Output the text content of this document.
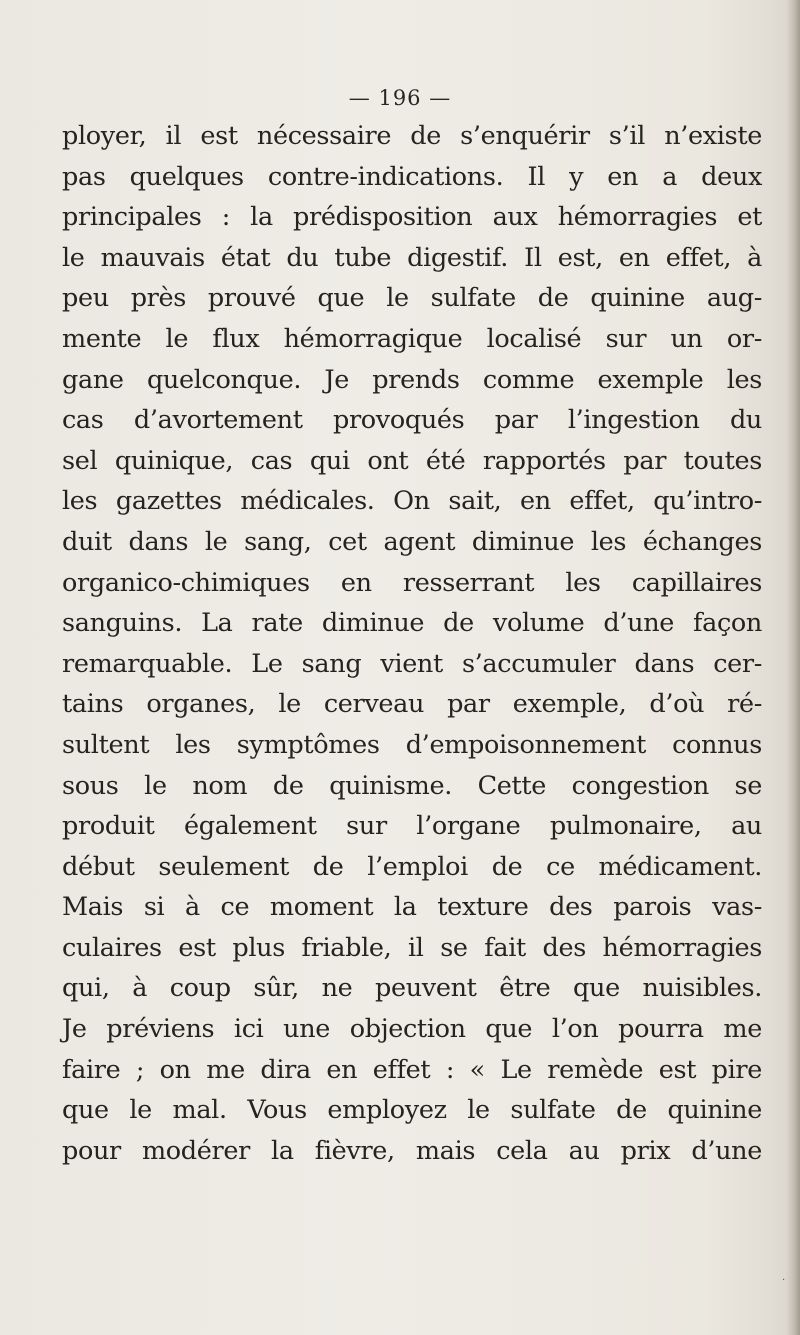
— 196 —
ployer, il est nécessaire de s’enquérir s’il n’existe
pas quelques contre-indications. Il y en a deux
principales : la prédisposition aux hémorragies et
le mauvais état du tube digestif. Il est, en effet, à
peu près prouvé que le sulfate de quinine aug-
mente le flux hémorragique localisé sur un or-
gane quelconque. Je prends comme exemple les
cas d’avortement provoqués par l’ingestion du
sel quinique, cas qui ont été rapportés par toutes
les gazettes médicales. On sait, en effet, qu’intro-
duit dans le sang, cet agent diminue les échanges
organico-chimiques en resserrant les capillaires
sanguins. La rate diminue de volume d’une façon
remarquable. Le sang vient s’accumuler dans cer-
tains organes, le cerveau par exemple, d’où ré-
sultent les symptômes d’empoisonnement connus
sous le nom de quinisme. Cette congestion se
produit également sur l’organe pulmonaire, au
début seulement de l’emploi de ce médicament.
Mais si à ce moment la texture des parois vas-
culaires est plus friable, il se fait des hémorragies
qui, à coup sûr, ne peuvent être que nuisibles.
Je préviens ici une objection que l’on pourra me
faire ; on me dira en effet : « Le remède est pire
que le mal. Vous employez le sulfate de quinine
pour modérer la fièvre, mais cela au prix d’une
.
